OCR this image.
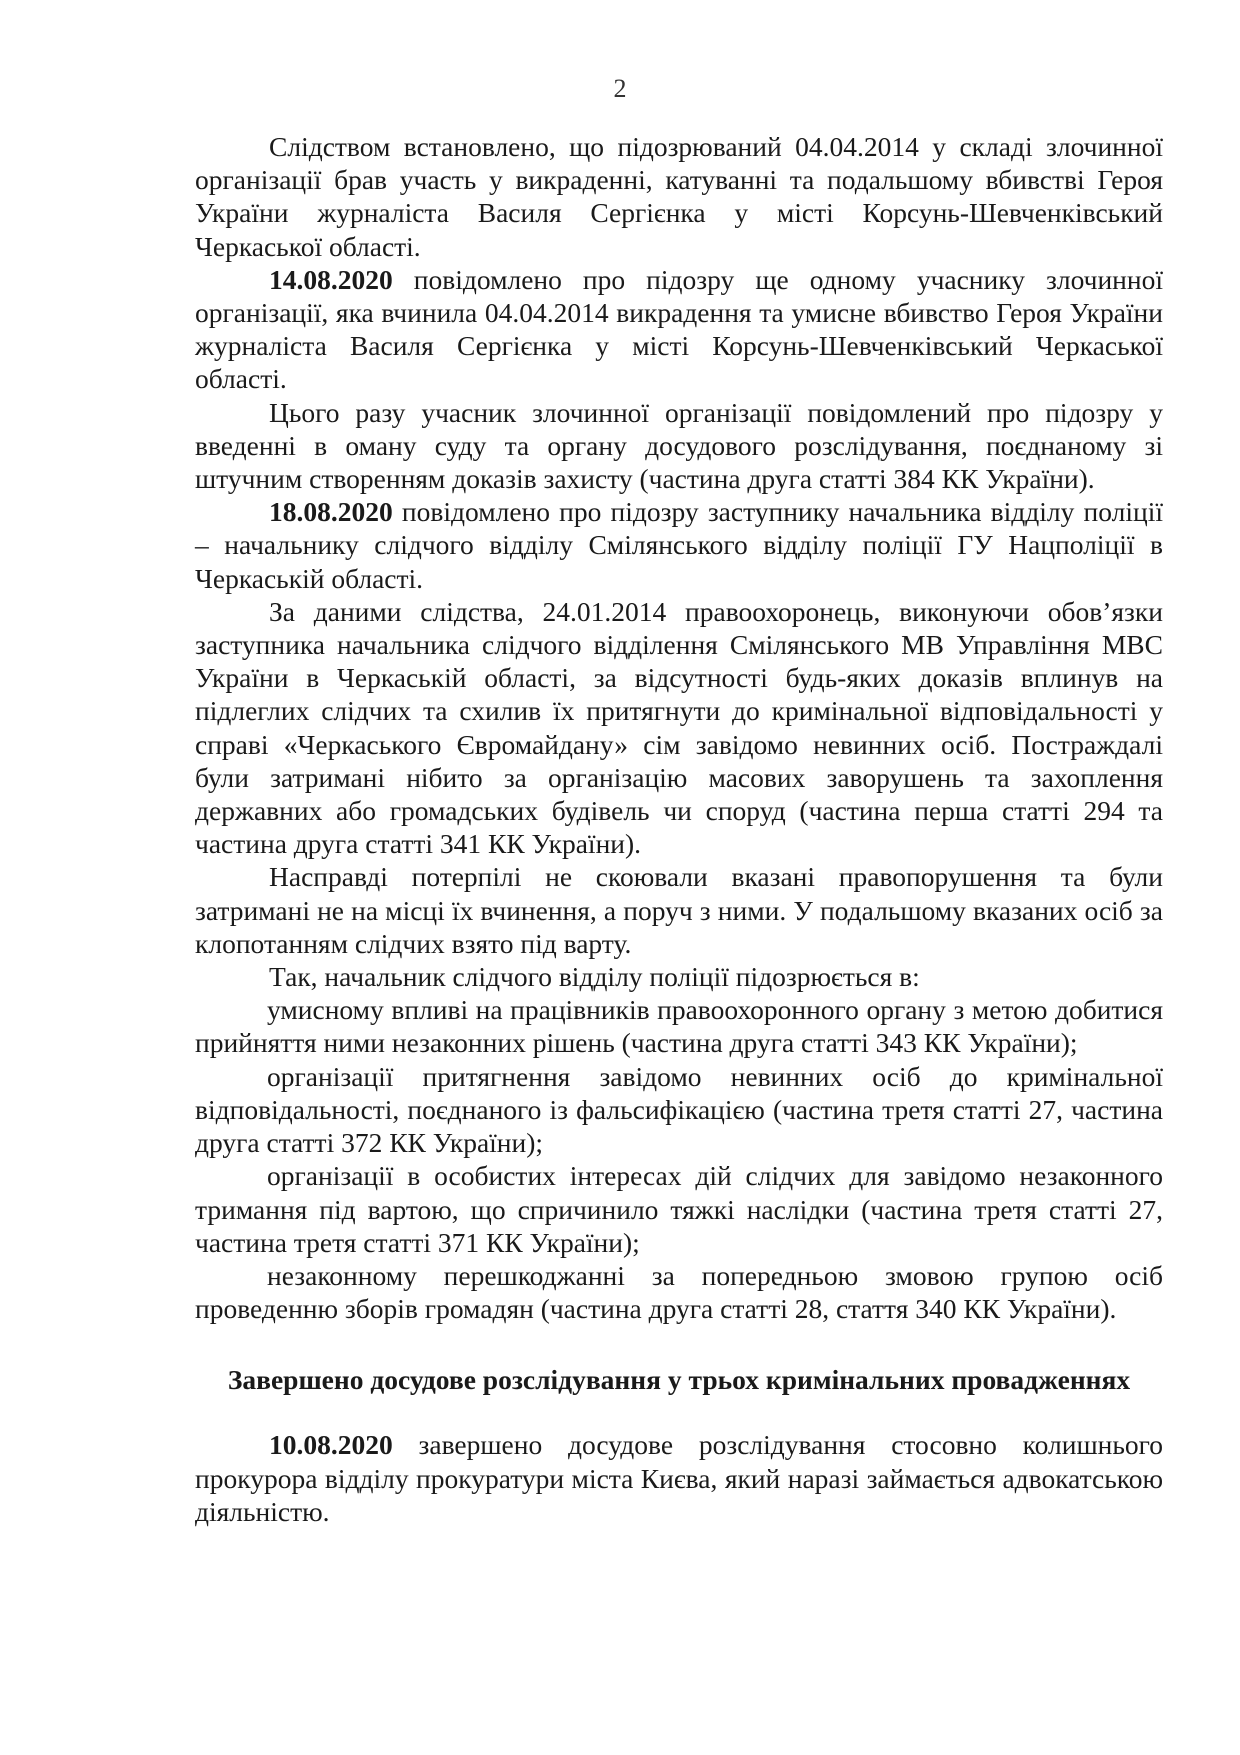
2

Слідством встановлено, що підозрюваний 04.04.2014 у складі злочинної організації брав участь у викраденні, катуванні та подальшому вбивстві Героя України журналіста Василя Сергієнка у місті Корсунь-Шевченківський Черкаської області.

14.08.2020 повідомлено про підозру ще одному учаснику злочинної організації, яка вчинила 04.04.2014 викрадення та умисне вбивство Героя України журналіста Василя Сергієнка у місті Корсунь-Шевченківський Черкаської області.

Цього разу учасник злочинної організації повідомлений про підозру у введенні в оману суду та органу досудового розслідування, поєднаному зі штучним створенням доказів захисту (частина друга статті 384 КК України).

18.08.2020 повідомлено про підозру заступнику начальника відділу поліції – начальнику слідчого відділу Смілянського відділу поліції ГУ Нацполіції в Черкаській області.

За даними слідства, 24.01.2014 правоохоронець, виконуючи обов’язки заступника начальника слідчого відділення Смілянського МВ Управління МВС України в Черкаській області, за відсутності будь-яких доказів вплинув на підлеглих слідчих та схилив їх притягнути до кримінальної відповідальності у справі «Черкаського Євромайдану» сім завідомо невинних осіб. Постраждалі були затримані нібито за організацію масових заворушень та захоплення державних або громадських будівель чи споруд (частина перша статті 294 та частина друга статті 341 КК України).

Насправді потерпілі не скоювали вказані правопорушення та були затримані не на місці їх вчинення, а поруч з ними. У подальшому вказаних осіб за клопотанням слідчих взято під варту.

Так, начальник слідчого відділу поліції підозрюється в:

умисному впливі на працівників правоохоронного органу з метою добитися прийняття ними незаконних рішень (частина друга статті 343 КК України);

організації притягнення завідомо невинних осіб до кримінальної відповідальності, поєднаного із фальсифікацією (частина третя статті 27, частина друга статті 372 КК України);

організації в особистих інтересах дій слідчих для завідомо незаконного тримання під вартою, що спричинило тяжкі наслідки (частина третя статті 27, частина третя статті 371 КК України);

незаконному перешкоджанні за попередньою змовою групою осіб проведенню зборів громадян (частина друга статті 28, стаття 340 КК України).

Завершено досудове розслідування у трьох кримінальних провадженнях

10.08.2020 завершено досудове розслідування стосовно колишнього прокурора відділу прокуратури міста Києва, який наразі займається адвокатською діяльністю.
